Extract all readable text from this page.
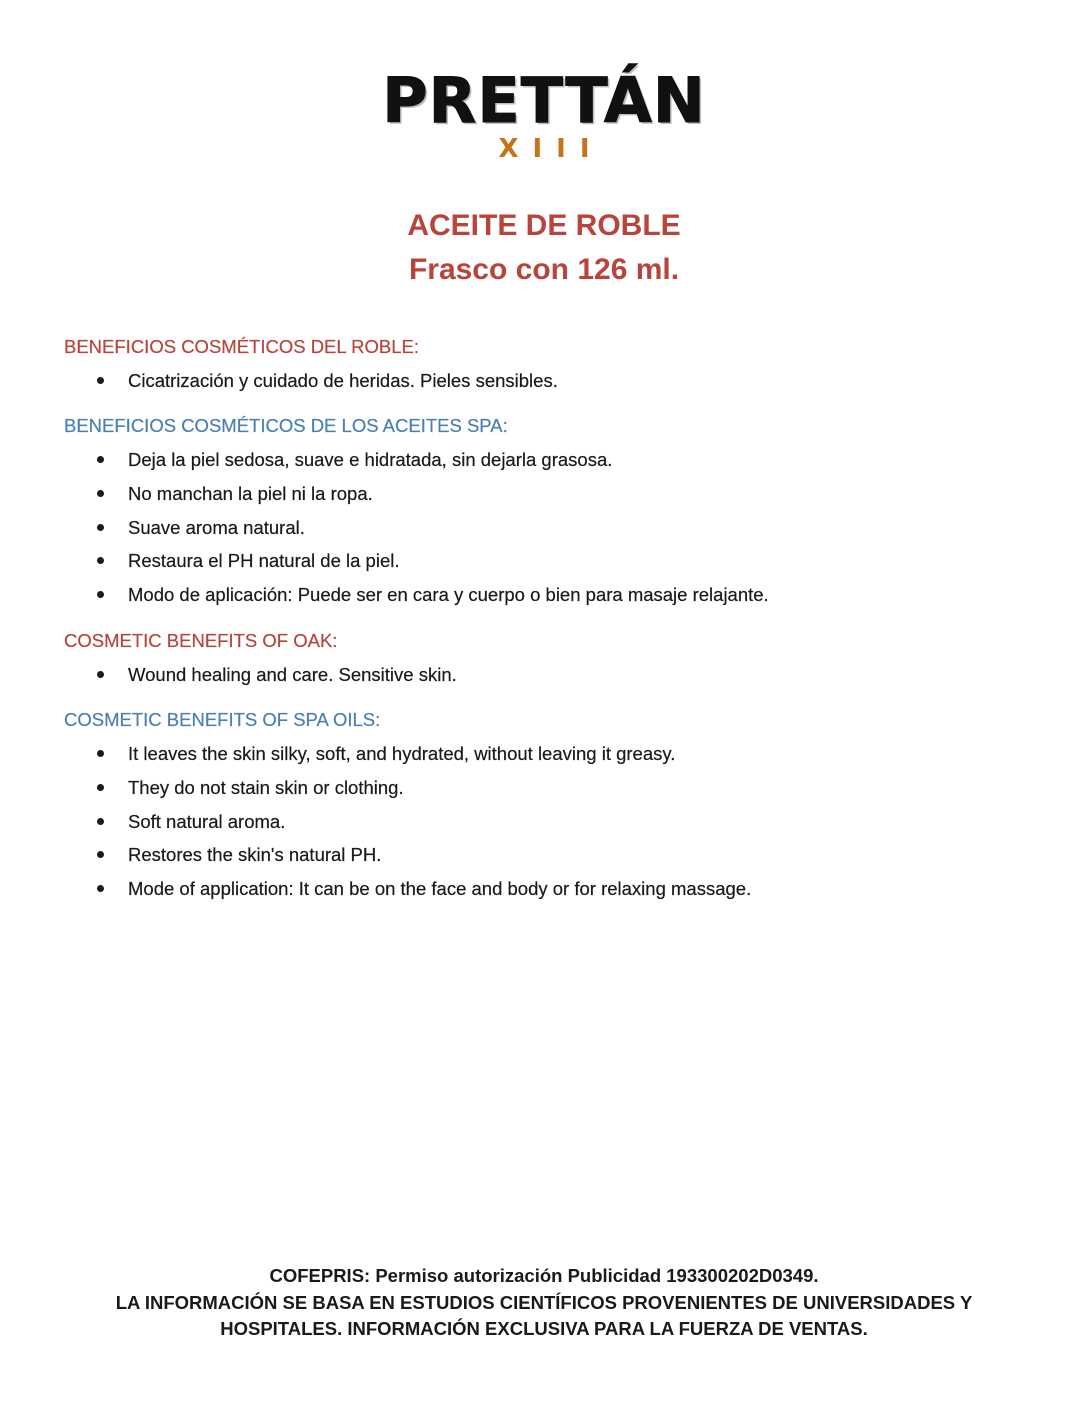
PRETTÁN
XIII
ACEITE DE ROBLE
Frasco con 126 ml.
BENEFICIOS COSMÉTICOS DEL ROBLE:
Cicatrización y cuidado de heridas. Pieles sensibles.
BENEFICIOS COSMÉTICOS DE LOS ACEITES SPA:
Deja la piel sedosa, suave e hidratada, sin dejarla grasosa.
No manchan la piel ni la ropa.
Suave aroma natural.
Restaura el PH natural de la piel.
Modo de aplicación: Puede ser en cara y cuerpo o bien para masaje relajante.
COSMETIC BENEFITS OF OAK:
Wound healing and care. Sensitive skin.
COSMETIC BENEFITS OF SPA OILS:
It leaves the skin silky, soft, and hydrated, without leaving it greasy.
They do not stain skin or clothing.
Soft natural aroma.
Restores the skin's natural PH.
Mode of application: It can be on the face and body or for relaxing massage.
COFEPRIS: Permiso autorización Publicidad 193300202D0349.
LA INFORMACIÓN SE BASA EN ESTUDIOS CIENTÍFICOS PROVENIENTES DE UNIVERSIDADES Y
HOSPITALES. INFORMACIÓN EXCLUSIVA PARA LA FUERZA DE VENTAS.
